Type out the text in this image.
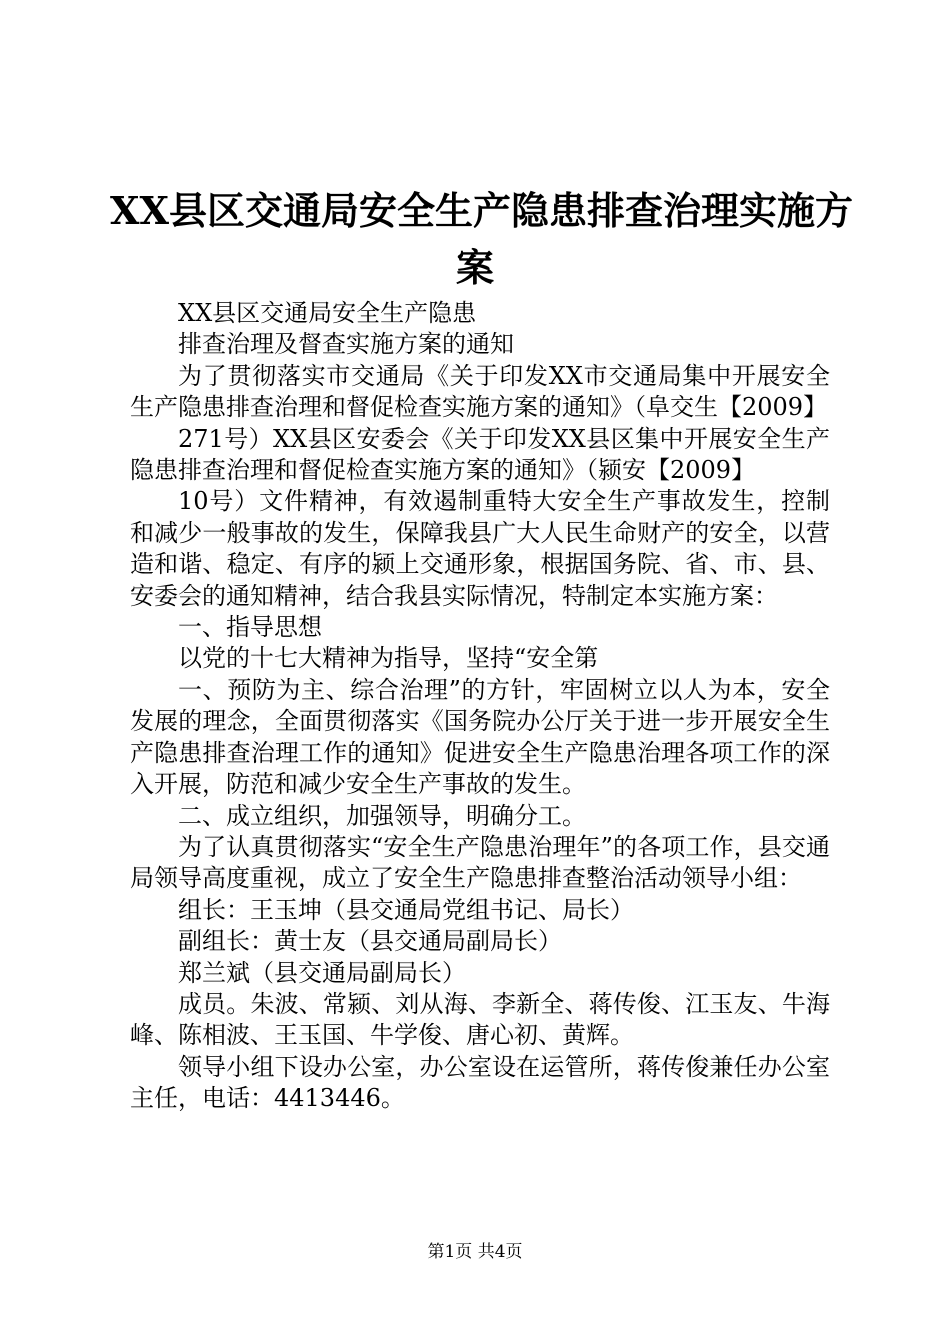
XX县区交通局安全生产隐患排查治理实施方
案

XX县区交通局安全生产隐患

排查治理及督查实施方案的通知

为了贯彻落实市交通局《关于印发XX市交通局集中开展安全生产隐患排查治理和督促检查实施方案的通知》（阜交生【2009】

271号）XX县区安委会《关于印发XX县区集中开展安全生产隐患排查治理和督促检查实施方案的通知》（颍安【2009】

10号）文件精神，有效遏制重特大安全生产事故发生，控制和减少一般事故的发生，保障我县广大人民生命财产的安全，以营造和谐、稳定、有序的颍上交通形象，根据国务院、省、市、县、安委会的通知精神，结合我县实际情况，特制定本实施方案：

一、指导思想

以党的十七大精神为指导，坚持“安全第

一、预防为主、综合治理”的方针，牢固树立以人为本，安全发展的理念，全面贯彻落实《国务院办公厅关于进一步开展安全生产隐患排查治理工作的通知》促进安全生产隐患治理各项工作的深入开展，防范和减少安全生产事故的发生。

二、成立组织，加强领导，明确分工。

为了认真贯彻落实“安全生产隐患治理年”的各项工作，县交通局领导高度重视，成立了安全生产隐患排查整治活动领导小组：

组长：王玉坤（县交通局党组书记、局长）

副组长：黄士友（县交通局副局长）

郑兰斌（县交通局副局长）

成员。朱波、常颍、刘从海、李新全、蒋传俊、江玉友、牛海峰、陈相波、王玉国、牛学俊、唐心初、黄辉。

领导小组下设办公室，办公室设在运管所，蒋传俊兼任办公室主任，电话：4413446。

第1页 共4页
